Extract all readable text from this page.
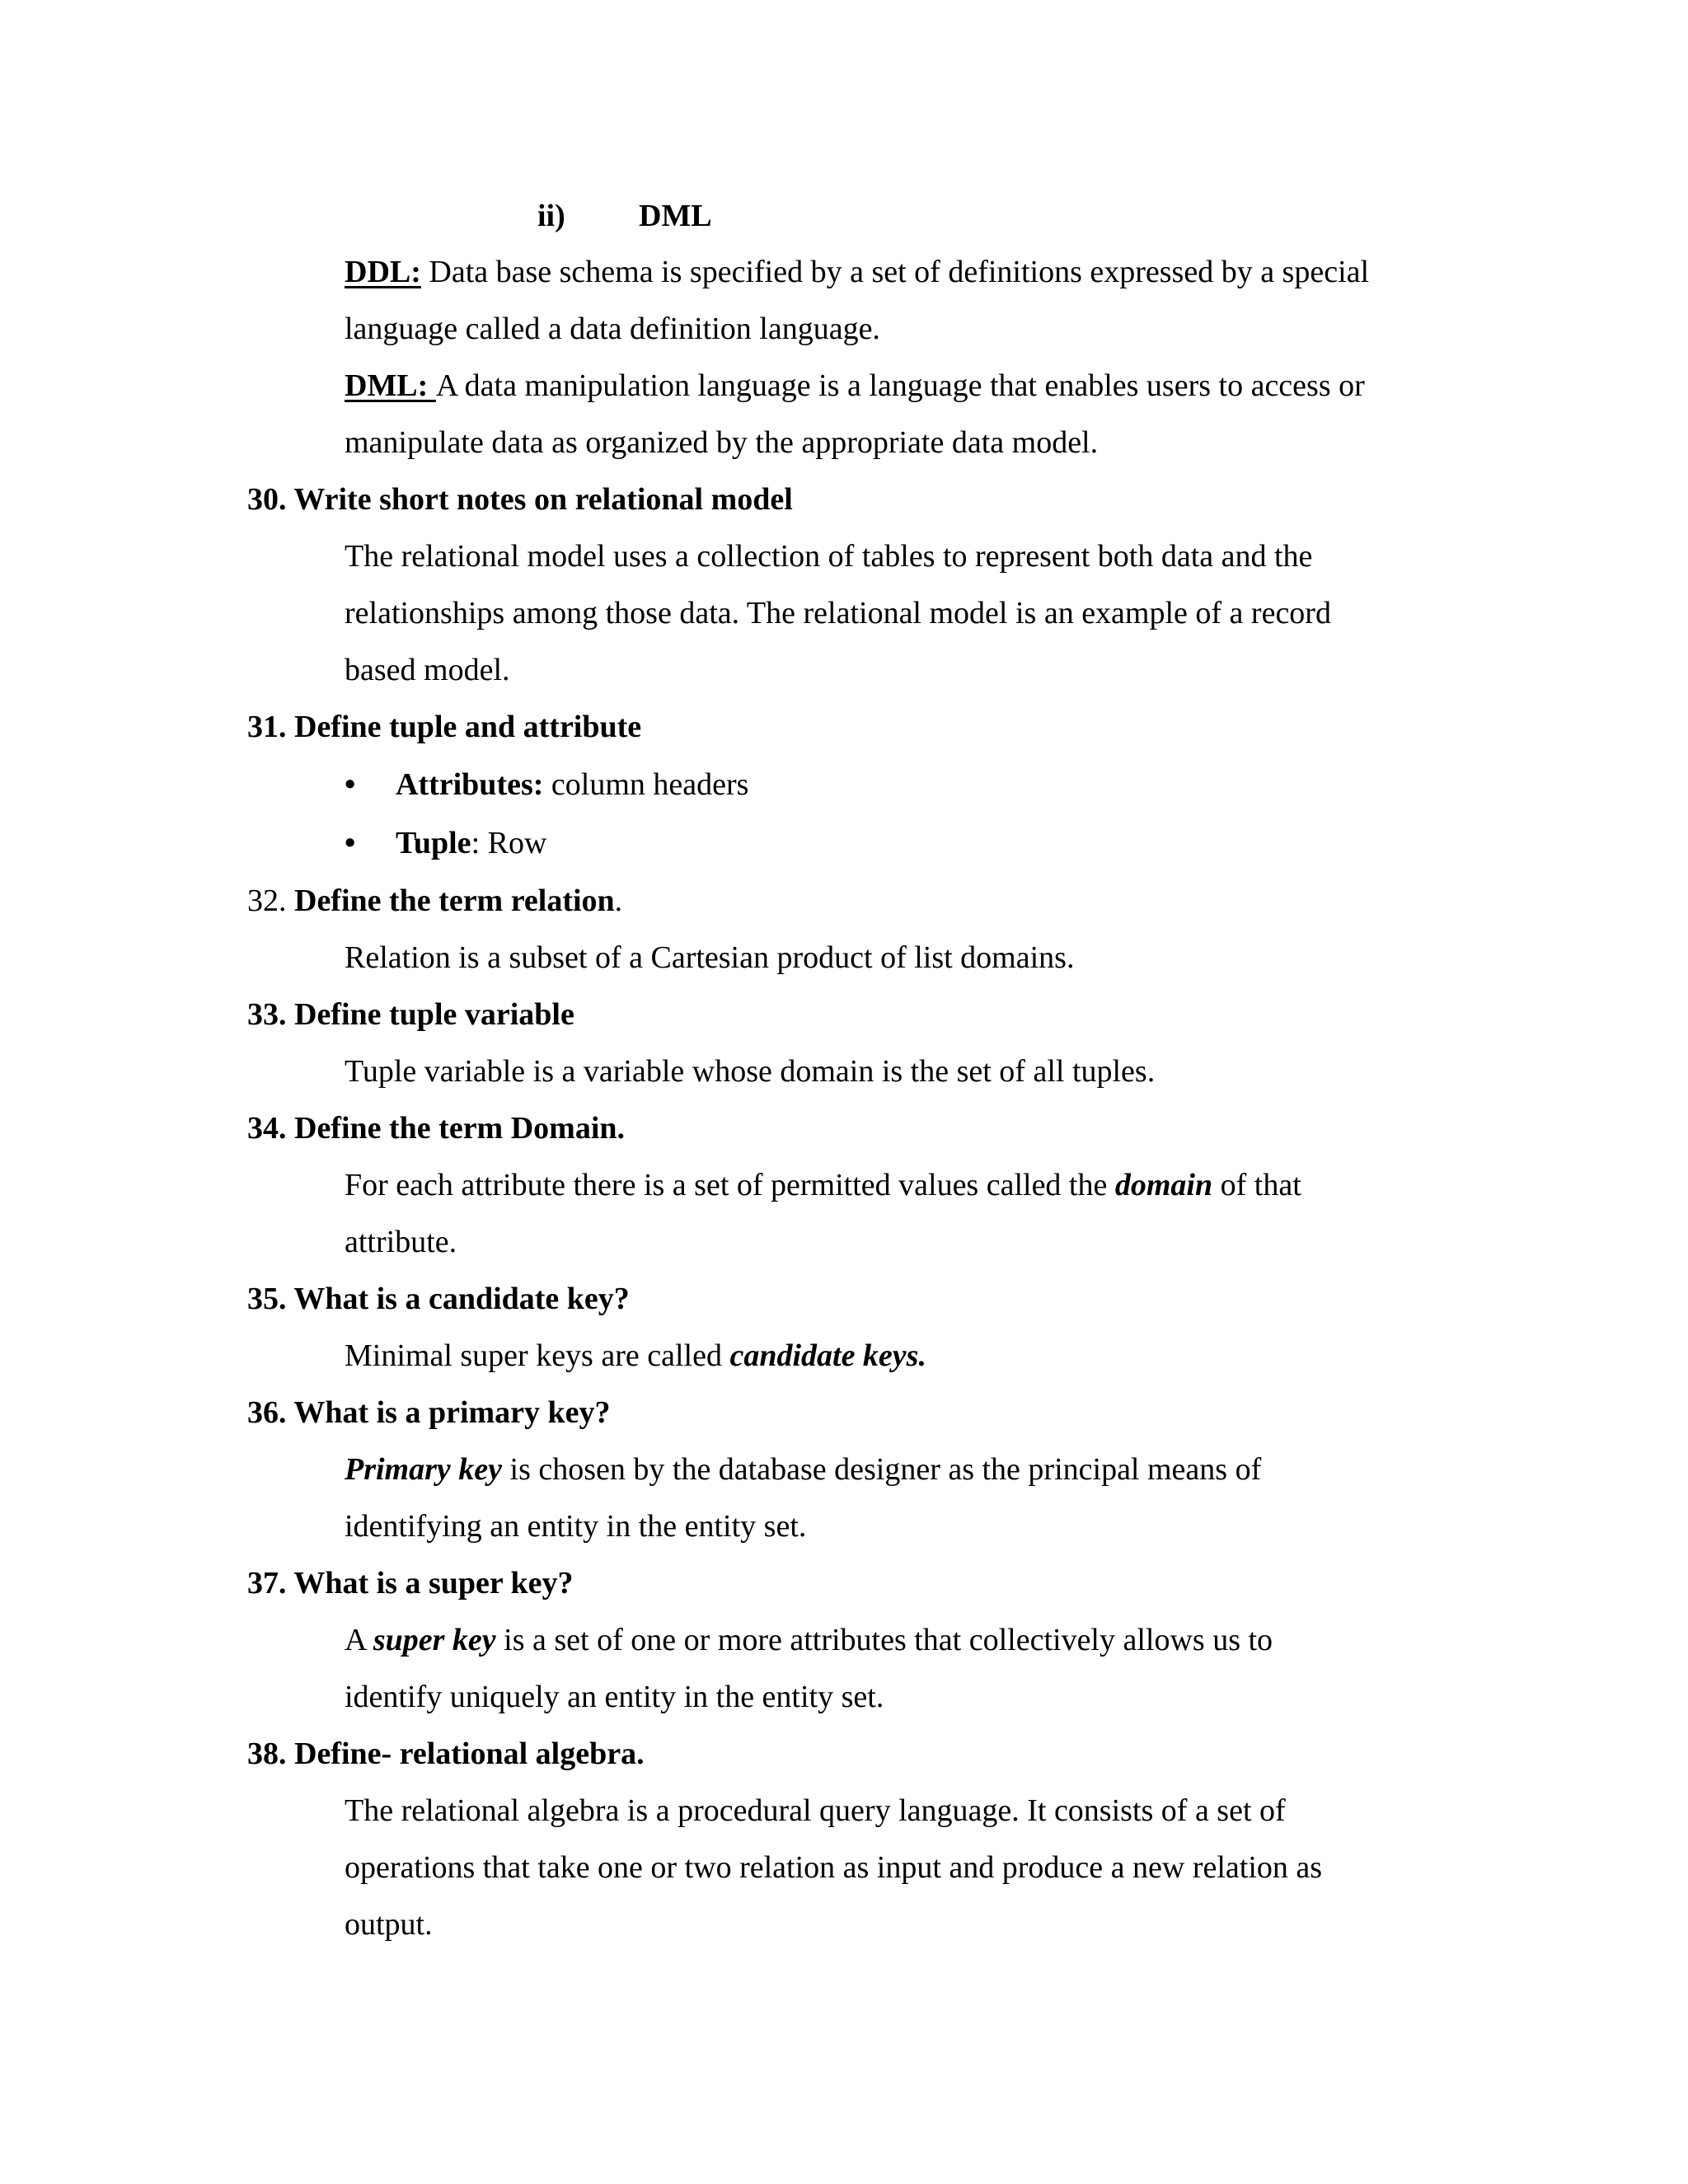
ii) DML
DDL: Data base schema is specified by a set of definitions expressed by a special
language called a data definition language.
DML: A data manipulation language is a language that enables users to access or
manipulate data as organized by the appropriate data model.
30. Write short notes on relational model
The relational model uses a collection of tables to represent both data and the
relationships among those data. The relational model is an example of a record
based model.
31. Define tuple and attribute
• Attributes: column headers
• Tuple: Row
32. Define the term relation.
Relation is a subset of a Cartesian product of list domains.
33. Define tuple variable
Tuple variable is a variable whose domain is the set of all tuples.
34. Define the term Domain.
For each attribute there is a set of permitted values called the domain of that
attribute.
35. What is a candidate key?
Minimal super keys are called candidate keys.
36. What is a primary key?
Primary key is chosen by the database designer as the principal means of
identifying an entity in the entity set.
37. What is a super key?
A super key is a set of one or more attributes that collectively allows us to
identify uniquely an entity in the entity set.
38. Define- relational algebra.
The relational algebra is a procedural query language. It consists of a set of
operations that take one or two relation as input and produce a new relation as
output.
